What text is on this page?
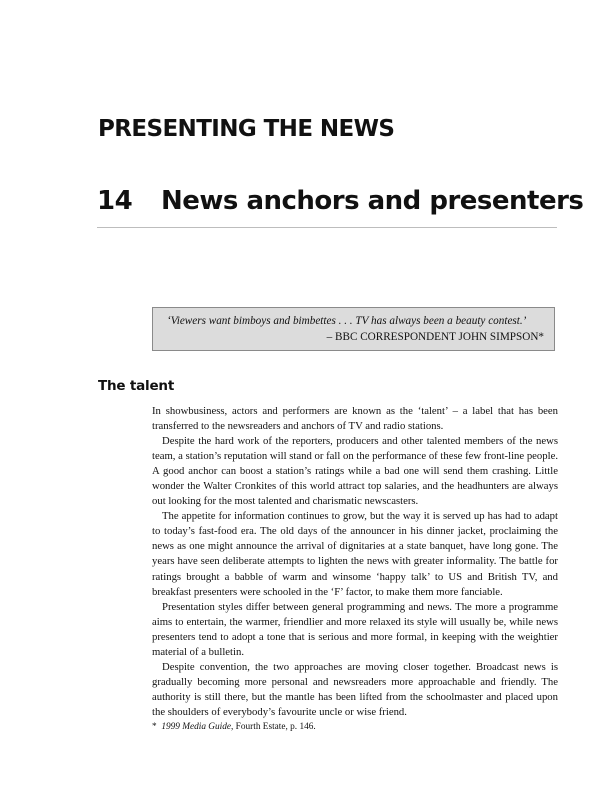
PRESENTING THE NEWS
14 News anchors and presenters
‘Viewers want bimboys and bimbettes . . . TV has always been a beauty contest.’
– BBC CORRESPONDENT JOHN SIMPSON*
The talent

In showbusiness, actors and performers are known as the ‘talent’ – a label that has been transferred to the newsreaders and anchors of TV and radio stations.

Despite the hard work of the reporters, producers and other talented members of the news team, a station’s reputation will stand or fall on the performance of these few front-line people. A good anchor can boost a station’s ratings while a bad one will send them crashing. Little wonder the Walter Cronkites of this world attract top salaries, and the headhunters are always out looking for the most talented and charismatic newscasters.

The appetite for information continues to grow, but the way it is served up has had to adapt to today’s fast-food era. The old days of the announcer in his dinner jacket, proclaiming the news as one might announce the arrival of dignitaries at a state banquet, have long gone. The years have seen deliberate attempts to lighten the news with greater informality. The battle for ratings brought a babble of warm and winsome ‘happy talk’ to US and British TV, and breakfast presenters were schooled in the ‘F’ factor, to make them more fanciable.

Presentation styles differ between general programming and news. The more a programme aims to entertain, the warmer, friendlier and more relaxed its style will usually be, while news presenters tend to adopt a tone that is serious and more formal, in keeping with the weightier material of a bulletin.

Despite convention, the two approaches are moving closer together. Broadcast news is gradually becoming more personal and newsreaders more approachable and friendly. The authority is still there, but the mantle has been lifted from the schoolmaster and placed upon the shoulders of everybody’s favourite uncle or wise friend.

* 1999 Media Guide, Fourth Estate, p. 146.
